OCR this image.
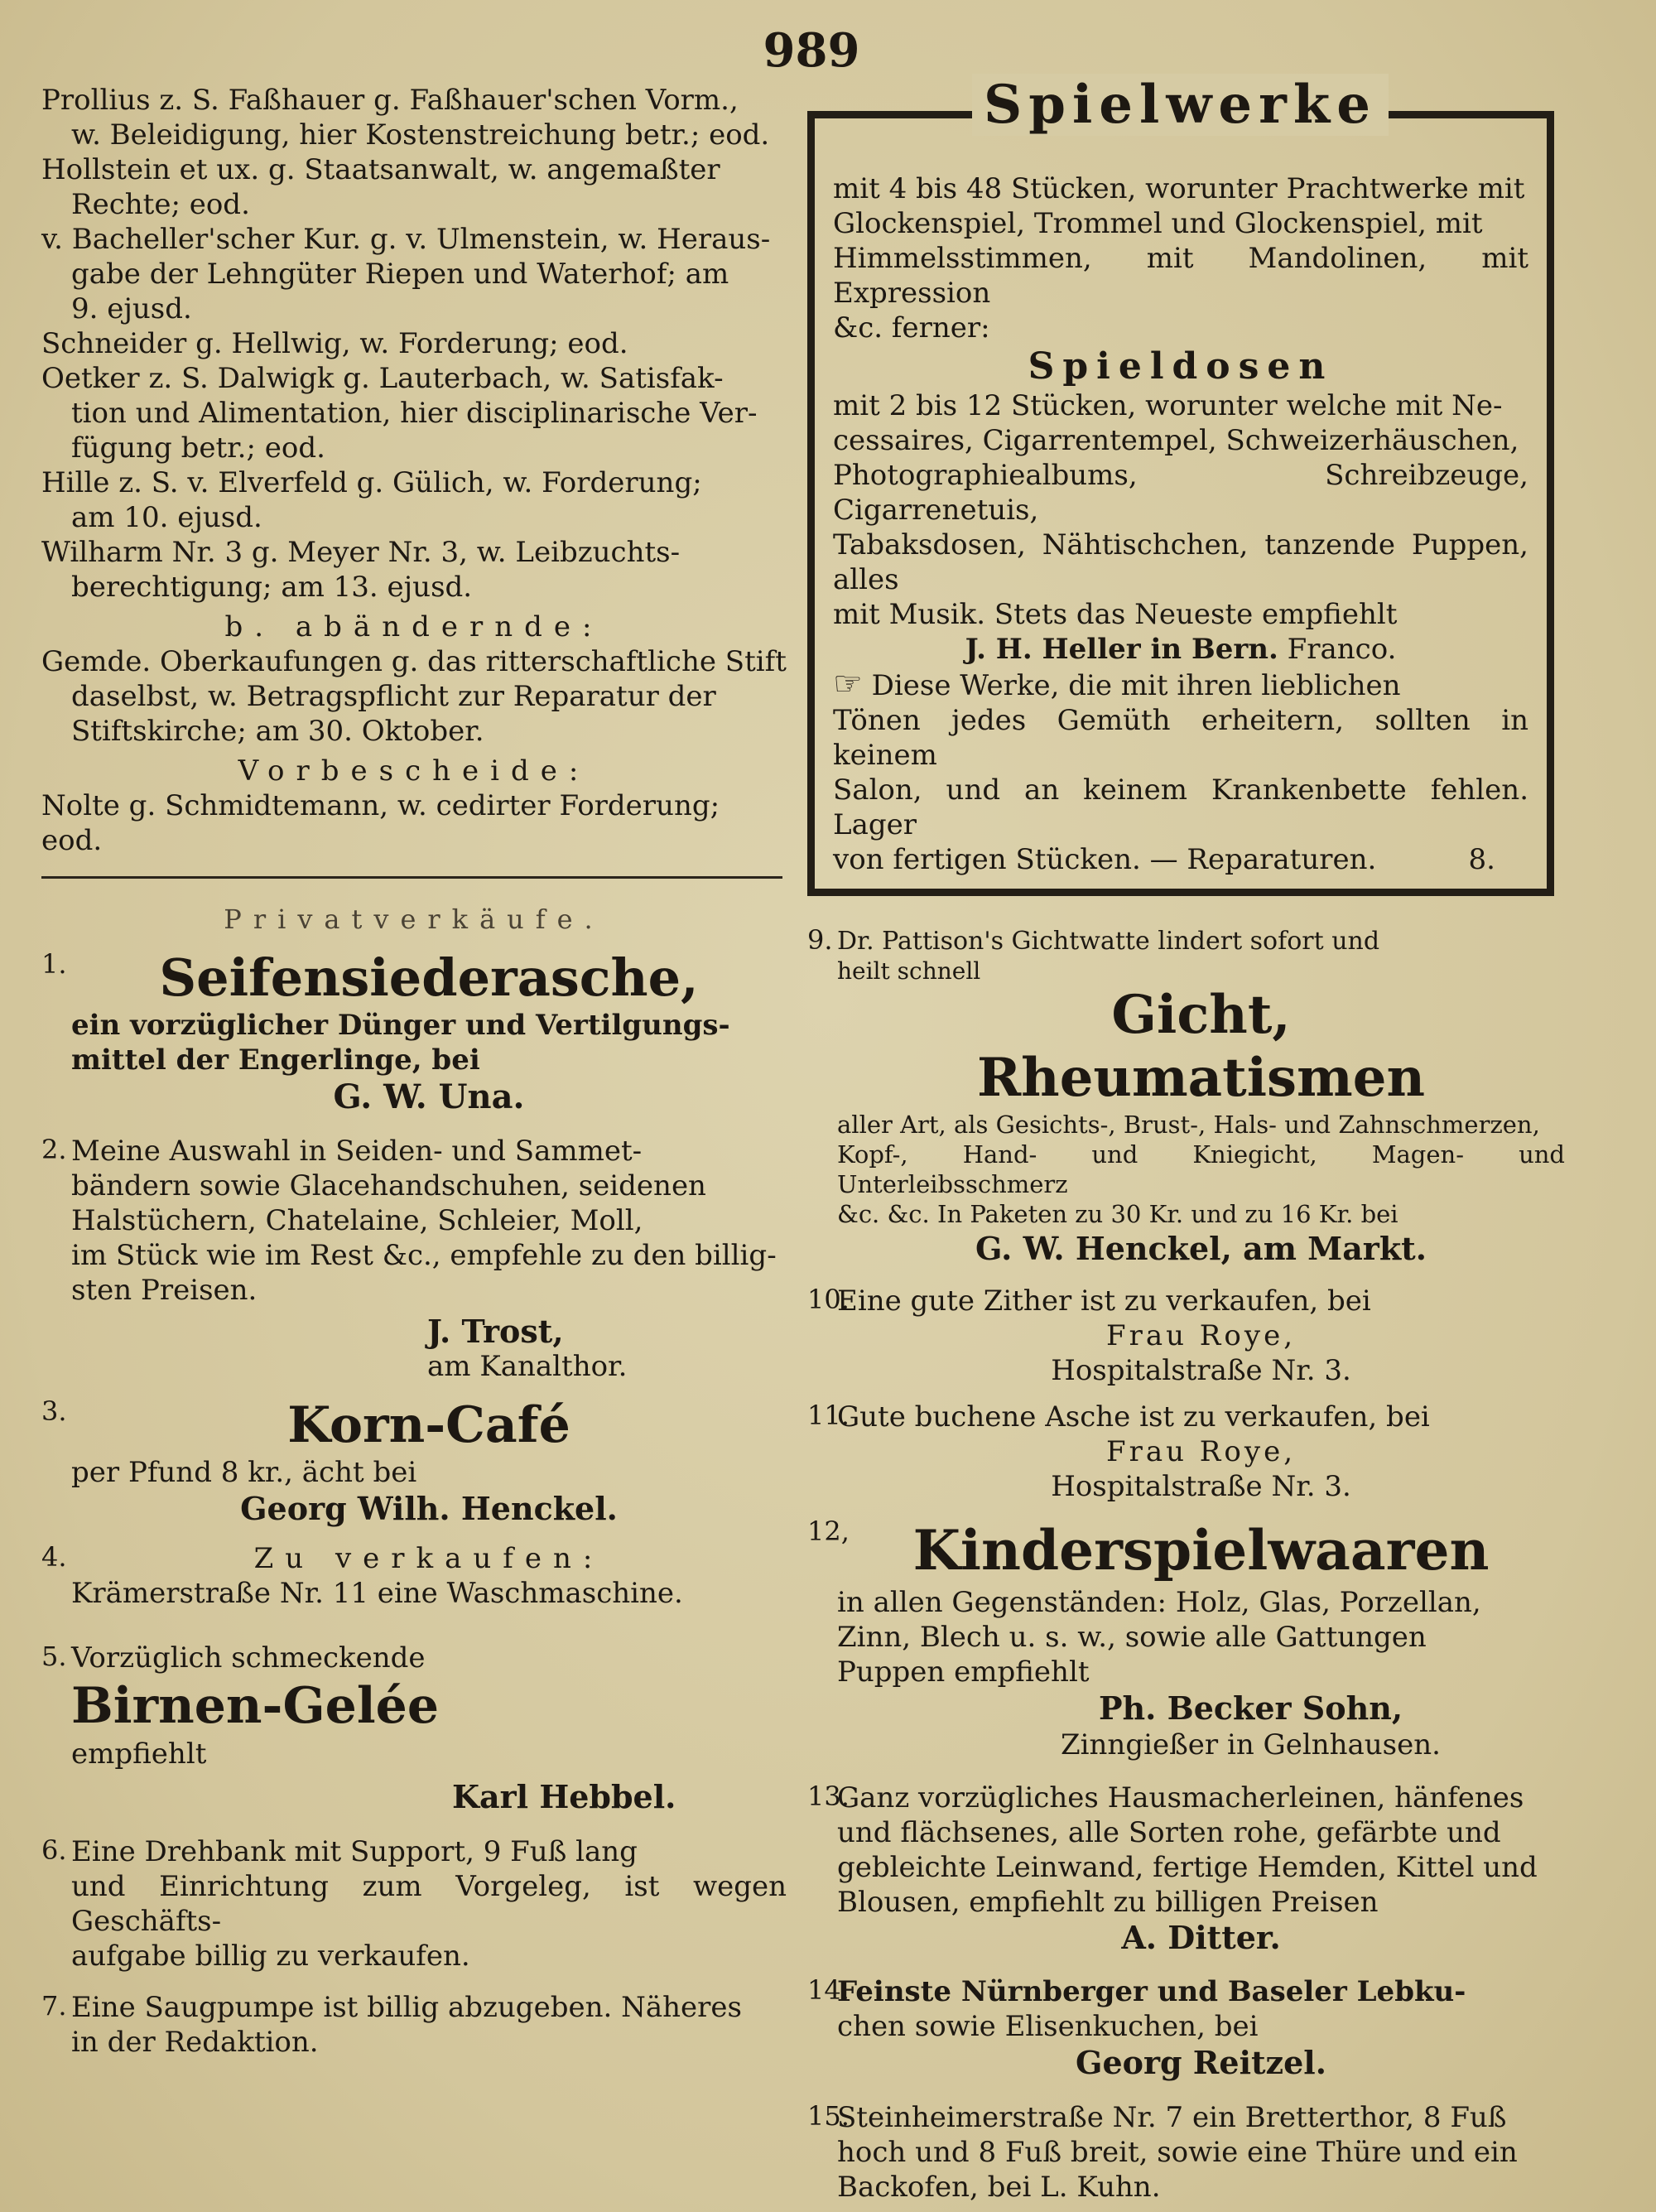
989

Prollius z. S. Faßhauer g. Faßhauer'schen Vorm.,

w. Beleidigung, hier Kostenstreichung betr.; eod.

Hollstein et ux. g. Staatsanwalt, w. angemaßter

Rechte; eod.

v. Bacheller'scher Kur. g. v. Ulmenstein, w. Heraus-

gabe der Lehngüter Riepen und Waterhof; am

9. ejusd.

Schneider g. Hellwig, w. Forderung; eod.

Oetker z. S. Dalwigk g. Lauterbach, w. Satisfak-

tion und Alimentation, hier disciplinarische Ver-

fügung betr.; eod.

Hille z. S. v. Elverfeld g. Gülich, w. Forderung;

am 10. ejusd.

Wilharm Nr. 3 g. Meyer Nr. 3, w. Leibzuchts-

berechtigung; am 13. ejusd.

b. abändernde:

Gemde. Oberkaufungen g. das ritterschaftliche Stift

daselbst, w. Betragspflicht zur Reparatur der

Stiftskirche; am 30. Oktober.

Vorbescheide:

Nolte g. Schmidtemann, w. cedirter Forderung; eod.

Privatverkäufe.

1.	Seifensiederasche,

ein vorzüglicher Dünger und Vertilgungs-

mittel der Engerlinge, bei

G. W. Una.

2. Meine Auswahl in Seiden- und Sammet-

bändern sowie Glacehandschuhen, seidenen

Halstüchern, Chatelaine, Schleier, Moll,

im Stück wie im Rest &c., empfehle zu den billig-

sten Preisen.

J. Trost,

am Kanalthor.

3.	Korn-Café

per Pfund 8 kr., ächt bei

Georg Wilh. Henckel.

4.	Zu verkaufen:

Krämerstraße Nr. 11 eine Waschmaschine.

5. Vorzüglich schmeckende

Birnen-Gelée

empfiehlt

Karl Hebbel.

6. Eine Drehbank mit Support, 9 Fuß lang

und Einrichtung zum Vorgeleg, ist wegen Geschäfts-

aufgabe billig zu verkaufen.

7. Eine Saugpumpe ist billig abzugeben. Näheres

in der Redaktion.

Spielwerke

mit 4 bis 48 Stücken, worunter Prachtwerke mit

Glockenspiel, Trommel und Glockenspiel, mit

Himmelsstimmen, mit Mandolinen, mit Expression

&c. ferner:

Spieldosen

mit 2 bis 12 Stücken, worunter welche mit Ne-

cessaires, Cigarrentempel, Schweizerhäuschen,

Photographiealbums, Schreibzeuge, Cigarrenetuis,

Tabaksdosen, Nähtischchen, tanzende Puppen, alles

mit Musik. Stets das Neueste empfiehlt

J. H. Heller in Bern. Franco.

☞ Diese Werke, die mit ihren lieblichen

Tönen jedes Gemüth erheitern, sollten in keinem

Salon, und an keinem Krankenbette fehlen. Lager

von fertigen Stücken. — Reparaturen.	8.

9. Dr. Pattison's Gichtwatte lindert sofort und

heilt schnell

Gicht,

Rheumatismen

aller Art, als Gesichts-, Brust-, Hals- und Zahnschmerzen,

Kopf-, Hand- und Kniegicht, Magen- und Unterleibsschmerz

&c. &c. In Paketen zu 30 Kr. und zu 16 Kr. bei

G. W. Henckel, am Markt.

10.

Eine gute Zither ist zu verkaufen, bei

Frau Roye,

Hospitalstraße Nr. 3.

11.

Gute buchene Asche ist zu verkaufen, bei

Frau Roye,

Hospitalstraße Nr. 3.

12,	Kinderspielwaaren

in allen Gegenständen: Holz, Glas, Porzellan,

Zinn, Blech u. s. w., sowie alle Gattungen

Puppen empfiehlt

Ph. Becker Sohn,

Zinngießer in Gelnhausen.

13.

Ganz vorzügliches Hausmacherleinen, hänfenes

und flächsenes, alle Sorten rohe, gefärbte und

gebleichte Leinwand, fertige Hemden, Kittel und

Blousen, empfiehlt zu billigen Preisen

A. Ditter.

14.

Feinste Nürnberger und Baseler Lebku-

chen sowie Elisenkuchen, bei

Georg Reitzel.

15.

Steinheimerstraße Nr. 7 ein Bretterthor, 8 Fuß

hoch und 8 Fuß breit, sowie eine Thüre und ein

Backofen, bei L. Kuhn.
